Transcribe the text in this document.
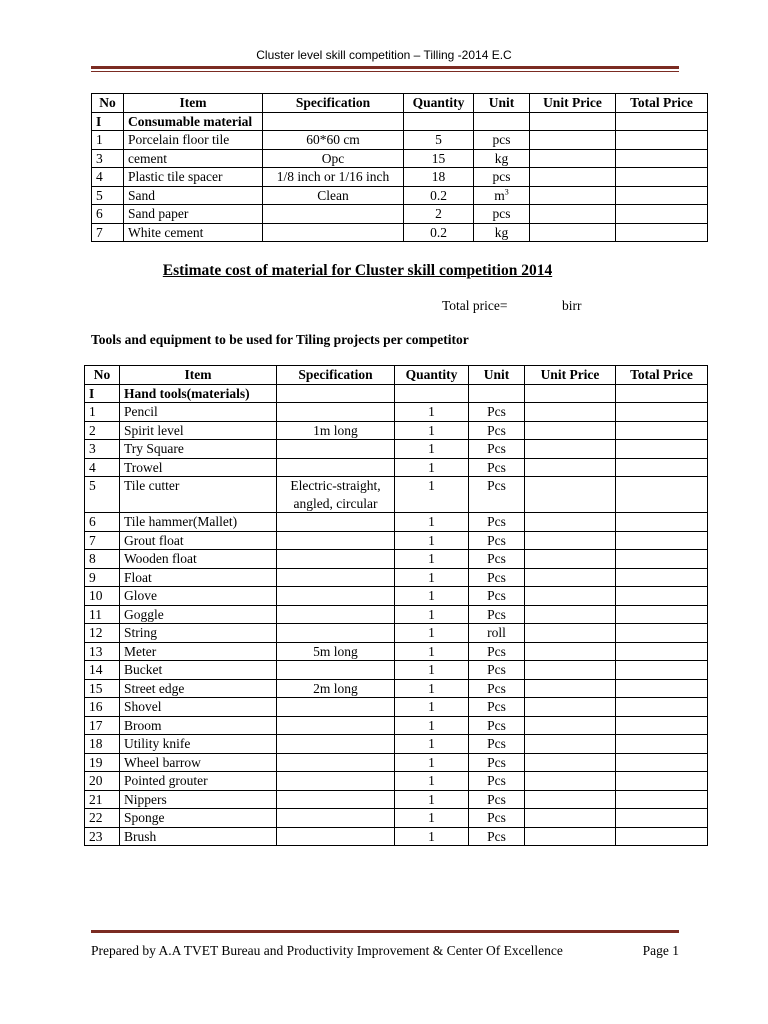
Cluster level skill competition – Tilling -2014 E.C
No	Item	Specification	Quantity	Unit	Unit Price	Total Price
I	Consumable material					
1	Porcelain floor tile	60*60 cm	5	pcs		
3	cement	Opc	15	kg		
4	Plastic tile spacer	1/8 inch or 1/16 inch	18	pcs		
5	Sand	Clean	0.2	$m^3$		
6	Sand paper		2	pcs		
7	White cement		0.2	kg		
Estimate cost of material for Cluster skill competition 2014
Total price=	birr
Tools and equipment to be used for Tiling projects per competitor
No	Item	Specification	Quantity	Unit	Unit Price	Total Price
I	Hand tools(materials)					
1	Pencil		1	Pcs		
2	Spirit level	1m long	1	Pcs		
3	Try Square		1	Pcs		
4	Trowel		1	Pcs		
5	Tile cutter	Electric-straight, angled, circular	1	Pcs		
6	Tile hammer(Mallet)		1	Pcs		
7	Grout float		1	Pcs		
8	Wooden float		1	Pcs		
9	Float		1	Pcs		
10	Glove		1	Pcs		
11	Goggle		1	Pcs		
12	String		1	roll		
13	Meter	5m long	1	Pcs		
14	Bucket		1	Pcs		
15	Street edge	2m long	1	Pcs		
16	Shovel		1	Pcs		
17	Broom		1	Pcs		
18	Utility knife		1	Pcs		
19	Wheel barrow		1	Pcs		
20	Pointed grouter		1	Pcs		
21	Nippers		1	Pcs		
22	Sponge		1	Pcs		
23	Brush		1	Pcs		
Prepared by A.A TVET Bureau and Productivity Improvement & Center Of Excellence	Page 1
